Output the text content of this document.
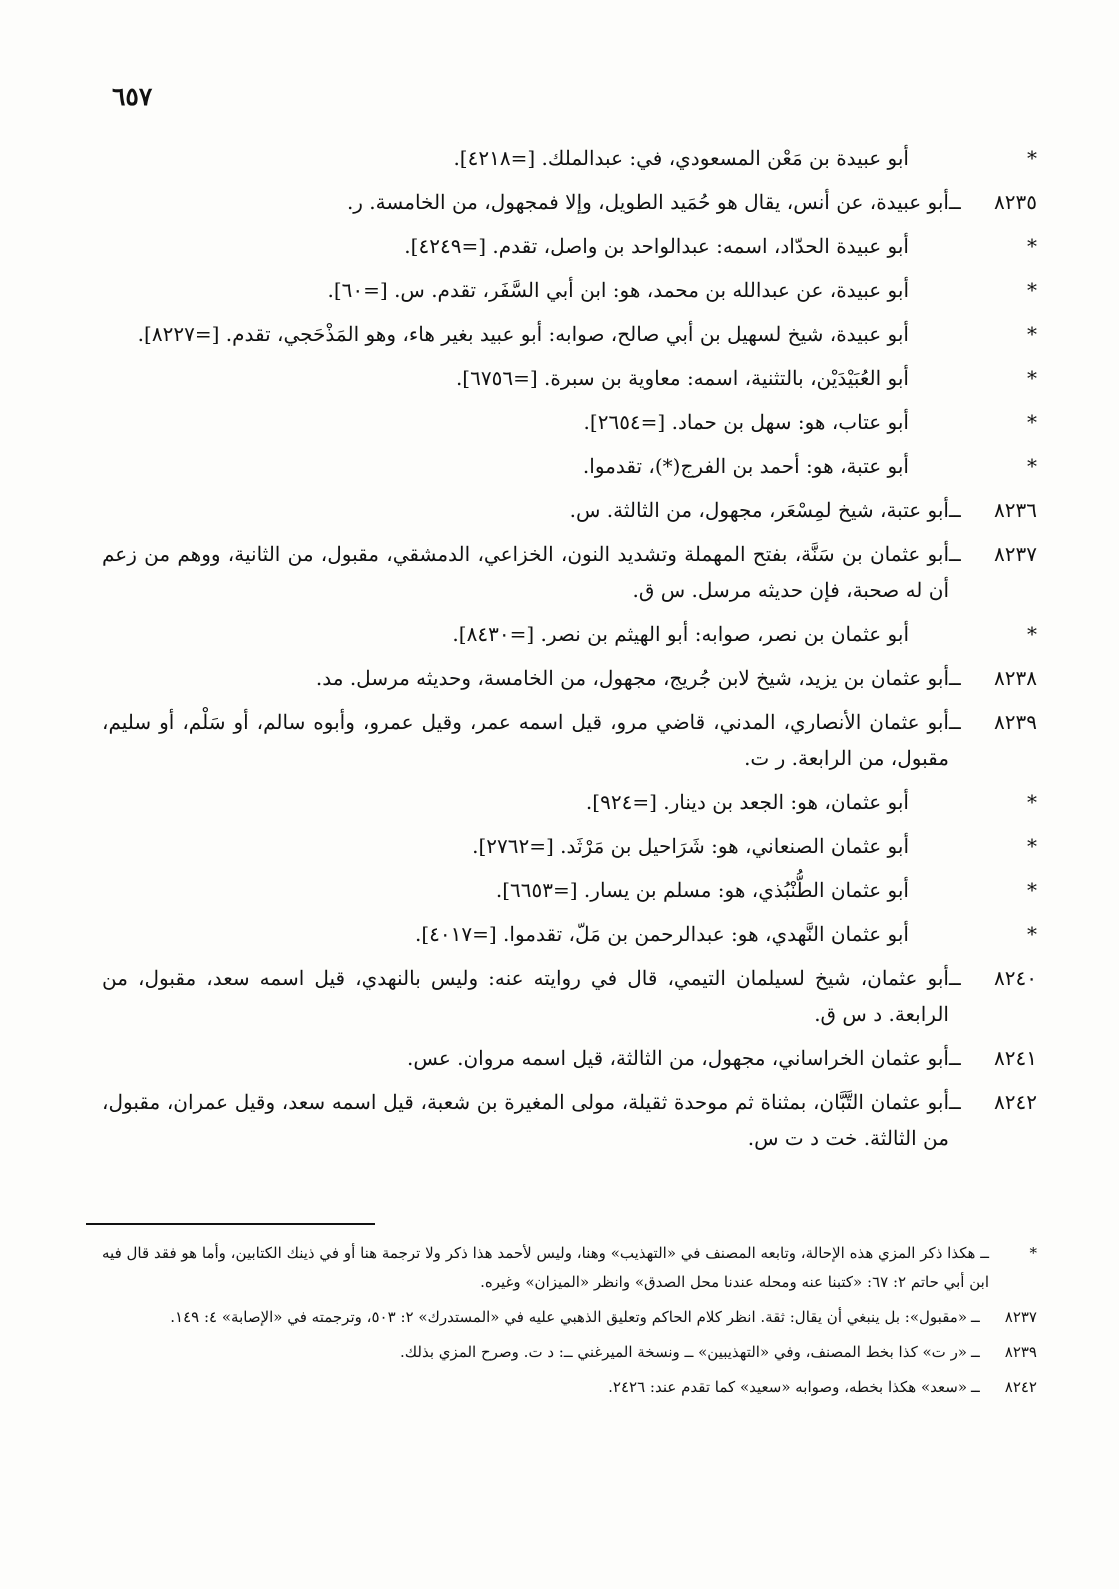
٦٥٧
*
أبو عبيدة بن مَعْن المسعودي، في: عبدالملك. [=٤٢١٨].
٨٢٣٥
ــ
أبو عبيدة، عن أنس، يقال هو حُمَيد الطويل، وإلا فمجهول، من الخامسة. ر.
*
أبو عبيدة الحدّاد، اسمه: عبدالواحد بن واصل، تقدم. [=٤٢٤٩].
*
أبو عبيدة، عن عبدالله بن محمد، هو: ابن أبي السَّفَر، تقدم. س. [=٦٠].
*
أبو عبيدة، شيخ لسهيل بن أبي صالح، صوابه: أبو عبيد بغير هاء، وهو المَذْحَجي، تقدم. [=٨٢٢٧].
*
أبو العُبَيْدَيْن، بالتثنية، اسمه: معاوية بن سبرة. [=٦٧٥٦].
*
أبو عتاب، هو: سهل بن حماد. [=٢٦٥٤].
*
أبو عتبة، هو: أحمد بن الفرج(*)، تقدموا.
٨٢٣٦
ــ
أبو عتبة، شيخ لمِسْعَر، مجهول، من الثالثة. س.
٨٢٣٧
ــ
أبو عثمان بن سَنَّة، بفتح المهملة وتشديد النون، الخزاعي، الدمشقي، مقبول، من الثانية، ووهم من زعم أن له صحبة، فإن حديثه مرسل. س ق.
*
أبو عثمان بن نصر، صوابه: أبو الهيثم بن نصر. [=٨٤٣٠].
٨٢٣٨
ــ
أبو عثمان بن يزيد، شيخ لابن جُريج، مجهول، من الخامسة، وحديثه مرسل. مد.
٨٢٣٩
ــ
أبو عثمان الأنصاري، المدني، قاضي مرو، قيل اسمه عمر، وقيل عمرو، وأبوه سالم، أو سَلْم، أو سليم، مقبول، من الرابعة. ر ت.
*
أبو عثمان، هو: الجعد بن دينار. [=٩٢٤].
*
أبو عثمان الصنعاني، هو: شَرَاحيل بن مَرْثَد. [=٢٧٦٢].
*
أبو عثمان الطُّنْبُذي، هو: مسلم بن يسار. [=٦٦٥٣].
*
أبو عثمان النَّهدي، هو: عبدالرحمن بن مَلّ، تقدموا. [=٤٠١٧].
٨٢٤٠
ــ
أبو عثمان، شيخ لسيلمان التيمي، قال في روايته عنه: وليس بالنهدي، قيل اسمه سعد، مقبول، من الرابعة. د س ق.
٨٢٤١
ــ
أبو عثمان الخراساني، مجهول، من الثالثة، قيل اسمه مروان. عس.
٨٢٤٢
ــ
أبو عثمان التَّبَّان، بمثناة ثم موحدة ثقيلة، مولى المغيرة بن شعبة، قيل اسمه سعد، وقيل عمران، مقبول، من الثالثة. خت د ت س.
*
ــ هكذا ذكر المزي هذه الإحالة، وتابعه المصنف في «التهذيب» وهنا، وليس لأحمد هذا ذكر ولا ترجمة هنا أو في ذينك الكتابين، وأما هو فقد قال فيه ابن أبي حاتم ٢: ٦٧: «كتبنا عنه ومحله عندنا محل الصدق» وانظر «الميزان» وغيره.
٨٢٣٧
ــ
«مقبول»: بل ينبغي أن يقال: ثقة. انظر كلام الحاكم وتعليق الذهبي عليه في «المستدرك» ٢: ٥٠٣، وترجمته في «الإصابة» ٤: ١٤٩.
٨٢٣٩
ــ
«ر ت» كذا بخط المصنف، وفي «التهذيبين» ــ ونسخة الميرغني ــ: د ت. وصرح المزي بذلك.
٨٢٤٢
ــ
«سعد» هكذا بخطه، وصوابه «سعيد» كما تقدم عند: ٢٤٢٦.
